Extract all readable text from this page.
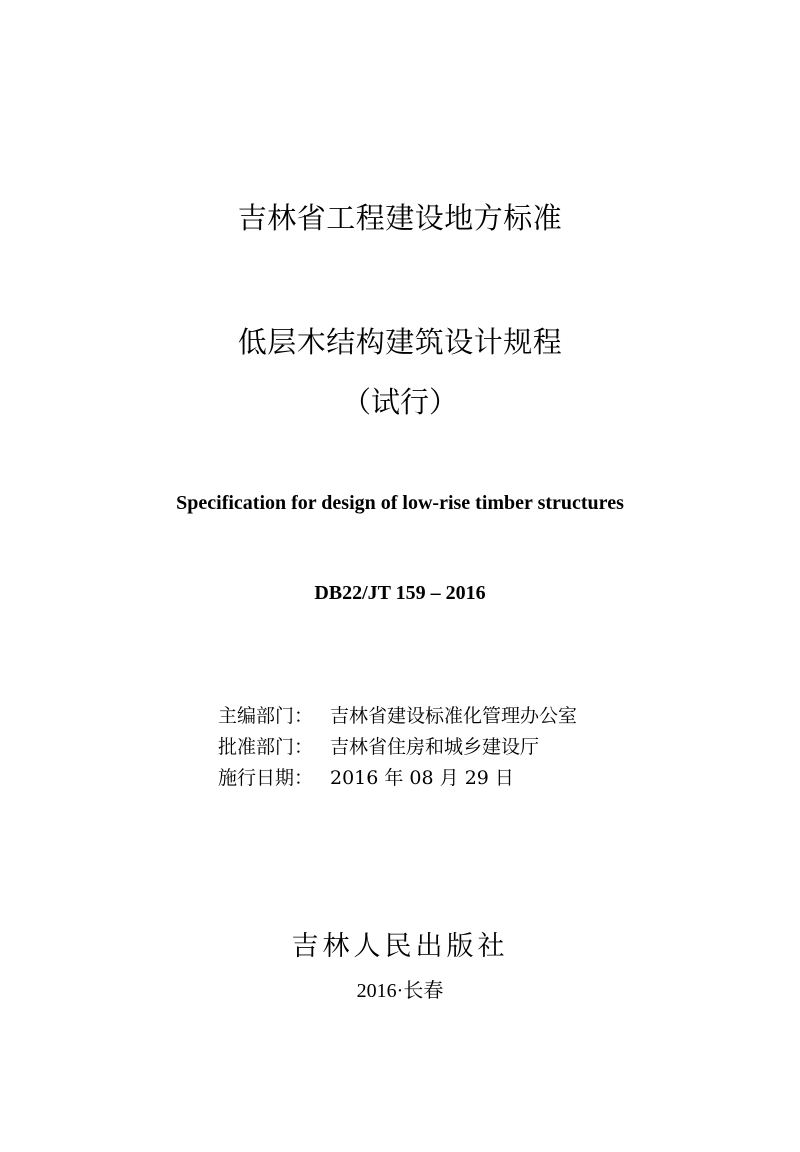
吉林省工程建设地方标准
低层木结构建筑设计规程
（试行）
Specification for design of low-rise timber structures
DB22/JT 159 – 2016
主编部门： 吉林省建设标准化管理办公室
批准部门： 吉林省住房和城乡建设厅
施行日期： 2016 年 08 月 29 日
吉林人民出版社
2016·长春
